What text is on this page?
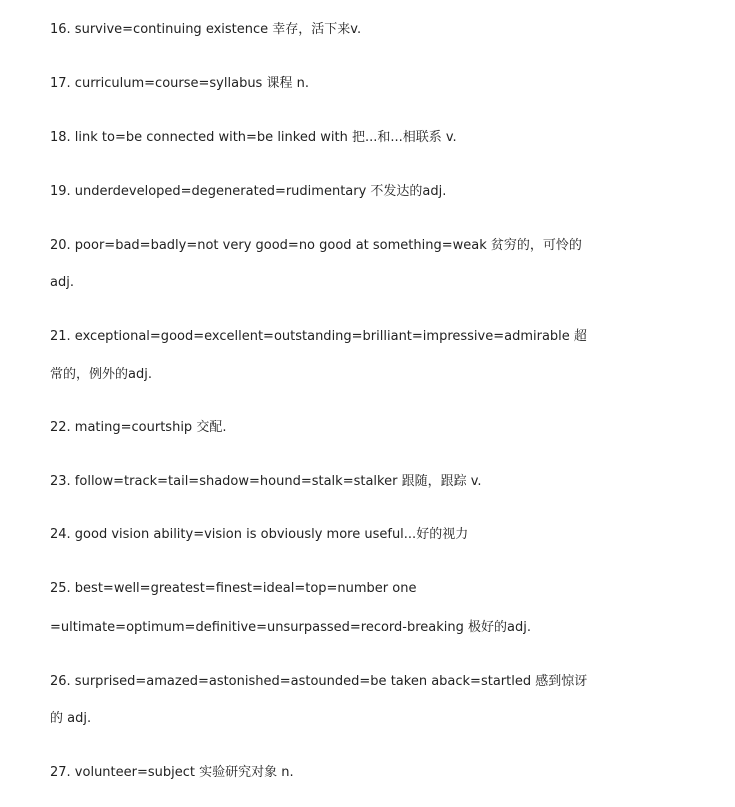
16. survive=continuing existence 幸存，活下来v.
17. curriculum=course=syllabus 课程 n.
18. link to=be connected with=be linked with 把...和...相联系 v.
19. underdeveloped=degenerated=rudimentary 不发达的adj.
20. poor=bad=badly=not very good=no good at something=weak 贫穷的，可怜的
adj.
21. exceptional=good=excellent=outstanding=brilliant=impressive=admirable 超
常的，例外的adj.
22. mating=courtship 交配.
23. follow=track=tail=shadow=hound=stalk=stalker 跟随，跟踪 v.
24. good vision ability=vision is obviously more useful...好的视力
25. best=well=greatest=finest=ideal=top=number one
=ultimate=optimum=definitive=unsurpassed=record-breaking 极好的adj.
26. surprised=amazed=astonished=astounded=be taken aback=startled 感到惊讶
的 adj.
27. volunteer=subject 实验研究对象 n.
